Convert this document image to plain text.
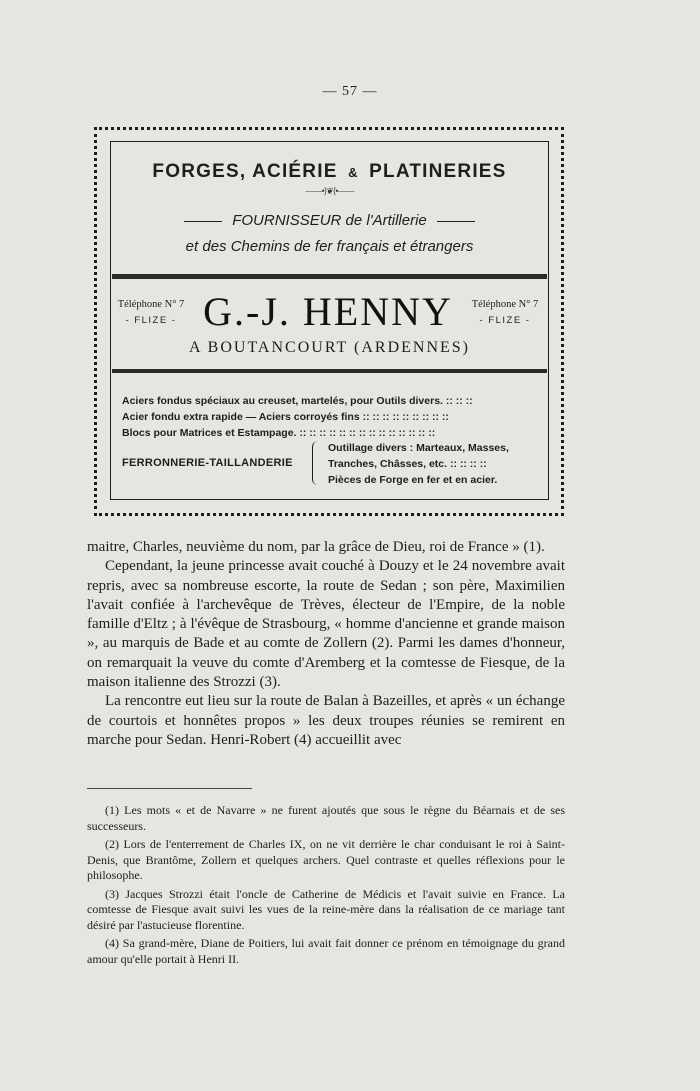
— 57 —
FORGES, ACIÉRIE & PLATINERIES
——•⟩❦⟨•——
FOURNISSEUR de l'Artillerie
et des Chemins de fer français et étrangers
Téléphone N° 7
- FLIZE - G.-J. HENNY	Téléphone N° 7
- FLIZE -
A BOUTANCOURT (ARDENNES)
Aciers fondus spéciaux au creuset, martelés, pour Outils divers. :: :: ::
Acier fondu extra rapide — Aciers corroyés fins :: :: :: :: :: :: :: :: ::
Blocs pour Matrices et Estampage. :: :: :: :: :: :: :: :: :: :: :: :: :: ::
FERRONNERIE-TAILLANDERIE
Outillage divers : Marteaux, Masses,
Tranches, Châsses, etc. :: :: :: ::
Pièces de Forge en fer et en acier.

maitre, Charles, neuvième du nom, par la grâce de Dieu, roi de France » (1).

Cependant, la jeune princesse avait couché à Douzy et le 24 novembre avait repris, avec sa nombreuse escorte, la route de Sedan ; son père, Maximilien l'avait confiée à l'archevêque de Trèves, électeur de l'Empire, de la noble famille d'Eltz ; à l'évêque de Strasbourg, « homme d'ancienne et grande maison », au marquis de Bade et au comte de Zollern (2). Parmi les dames d'honneur, on remarquait la veuve du comte d'Aremberg et la comtesse de Fiesque, de la maison italienne des Strozzi (3).

La rencontre eut lieu sur la route de Balan à Bazeilles, et après « un échange de courtois et honnêtes propos » les deux troupes réunies se remirent en marche pour Sedan. Henri-Robert (4) accueillit avec

(1) Les mots « et de Navarre » ne furent ajoutés que sous le règne du Béarnais et de ses successeurs.

(2) Lors de l'enterrement de Charles IX, on ne vit derrière le char conduisant le roi à Saint-Denis, que Brantôme, Zollern et quelques archers. Quel contraste et quelles réflexions pour le philosophe.

(3) Jacques Strozzi était l'oncle de Catherine de Médicis et l'avait suivie en France. La comtesse de Fiesque avait suivi les vues de la reine-mère dans la réalisation de ce mariage tant désiré par l'astucieuse florentine.

(4) Sa grand-mère, Diane de Poitiers, lui avait fait donner ce prénom en témoignage du grand amour qu'elle portait à Henri II.
